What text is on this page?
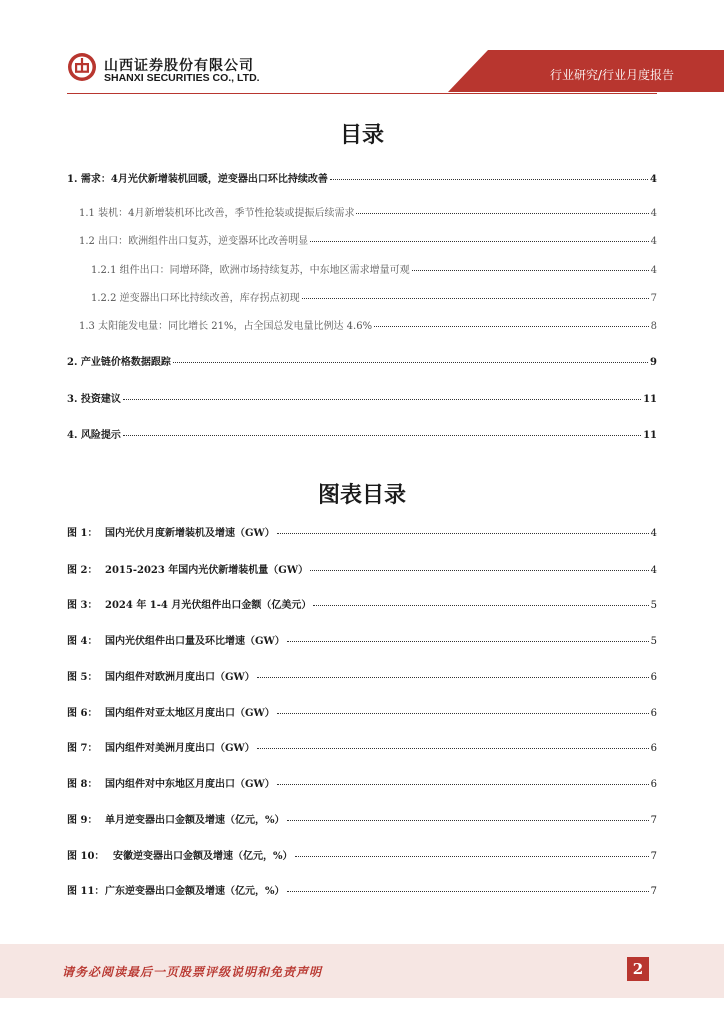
山西证券股份有限公司
SHANXI SECURITIES CO., LTD.	行业研究/行业月度报告
目录
1. 需求：4月光伏新增装机回暖，逆变器出口环比持续改善	4
1.1 装机：4月新增装机环比改善，季节性抢装或提振后续需求	4
1.2 出口：欧洲组件出口复苏，逆变器环比改善明显	4
1.2.1 组件出口：同增环降，欧洲市场持续复苏，中东地区需求增量可观	4
1.2.2 逆变器出口环比持续改善，库存拐点初现	7
1.3 太阳能发电量：同比增长 21%，占全国总发电量比例达 4.6%	8
2. 产业链价格数据跟踪	9
3. 投资建议	11
4. 风险提示	11
图表目录
图 1： 国内光伏月度新增装机及增速（GW）	4
图 2： 2015-2023 年国内光伏新增装机量（GW）	4
图 3： 2024 年 1-4 月光伏组件出口金额（亿美元）	5
图 4： 国内光伏组件出口量及环比增速（GW）	5
图 5： 国内组件对欧洲月度出口（GW）	6
图 6： 国内组件对亚太地区月度出口（GW）	6
图 7： 国内组件对美洲月度出口（GW）	6
图 8： 国内组件对中东地区月度出口（GW）	6
图 9： 单月逆变器出口金额及增速（亿元，%）	7
图 10： 安徽逆变器出口金额及增速（亿元，%）	7
图 11： 广东逆变器出口金额及增速（亿元，%）	7
请务必阅读最后一页股票评级说明和免责声明	2
